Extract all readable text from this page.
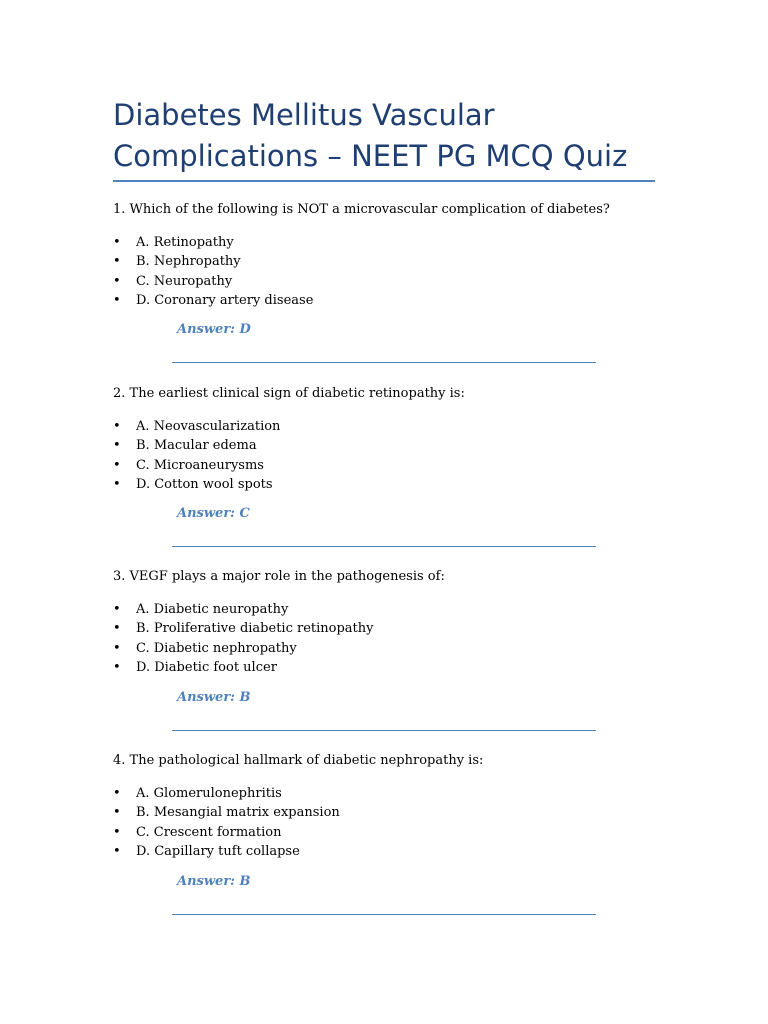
Diabetes Mellitus Vascular Complications – NEET PG MCQ Quiz

1. Which of the following is NOT a microvascular complication of diabetes?

• A. Retinopathy
• B. Nephropathy
• C. Neuropathy
• D. Coronary artery disease

Answer: D

2. The earliest clinical sign of diabetic retinopathy is:

• A. Neovascularization
• B. Macular edema
• C. Microaneurysms
• D. Cotton wool spots

Answer: C

3. VEGF plays a major role in the pathogenesis of:

• A. Diabetic neuropathy
• B. Proliferative diabetic retinopathy
• C. Diabetic nephropathy
• D. Diabetic foot ulcer

Answer: B

4. The pathological hallmark of diabetic nephropathy is:

• A. Glomerulonephritis
• B. Mesangial matrix expansion
• C. Crescent formation
• D. Capillary tuft collapse

Answer: B
